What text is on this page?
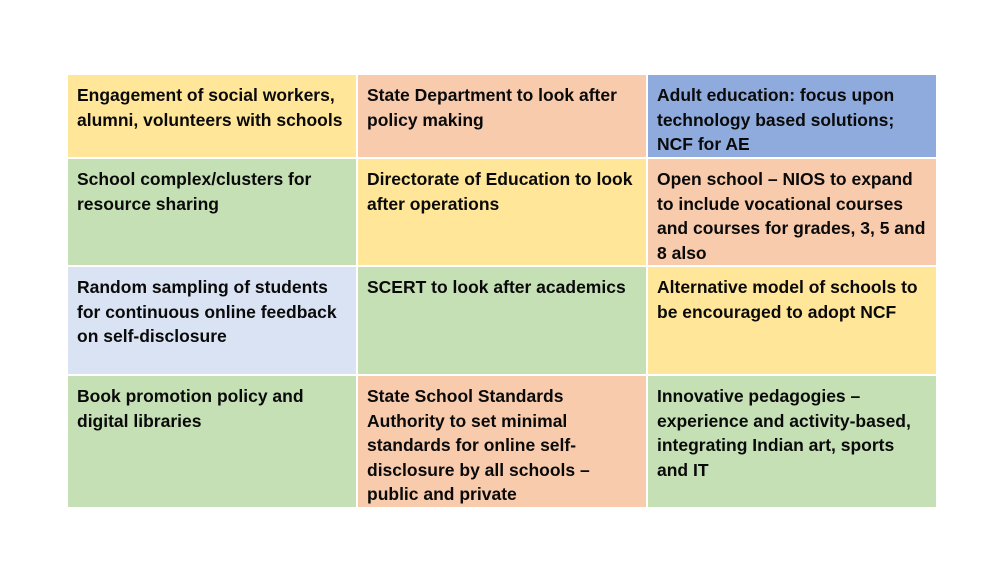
Engagement of social workers, alumni, volunteers with schools
State Department to look after policy making
Adult education: focus upon technology based solutions; NCF for AE
School complex/clusters for resource sharing
Directorate of Education to look after operations
Open school – NIOS to expand to include vocational courses and courses for grades, 3, 5 and 8 also
Random sampling of students for continuous online feedback on self-disclosure
SCERT to look after academics	Alternative model of schools to be encouraged to adopt NCF
Book promotion policy and digital libraries
State School Standards Authority to set minimal standards for online self-disclosure by all schools – public and private
Innovative pedagogies – experience and activity-based, integrating Indian art, sports and IT
